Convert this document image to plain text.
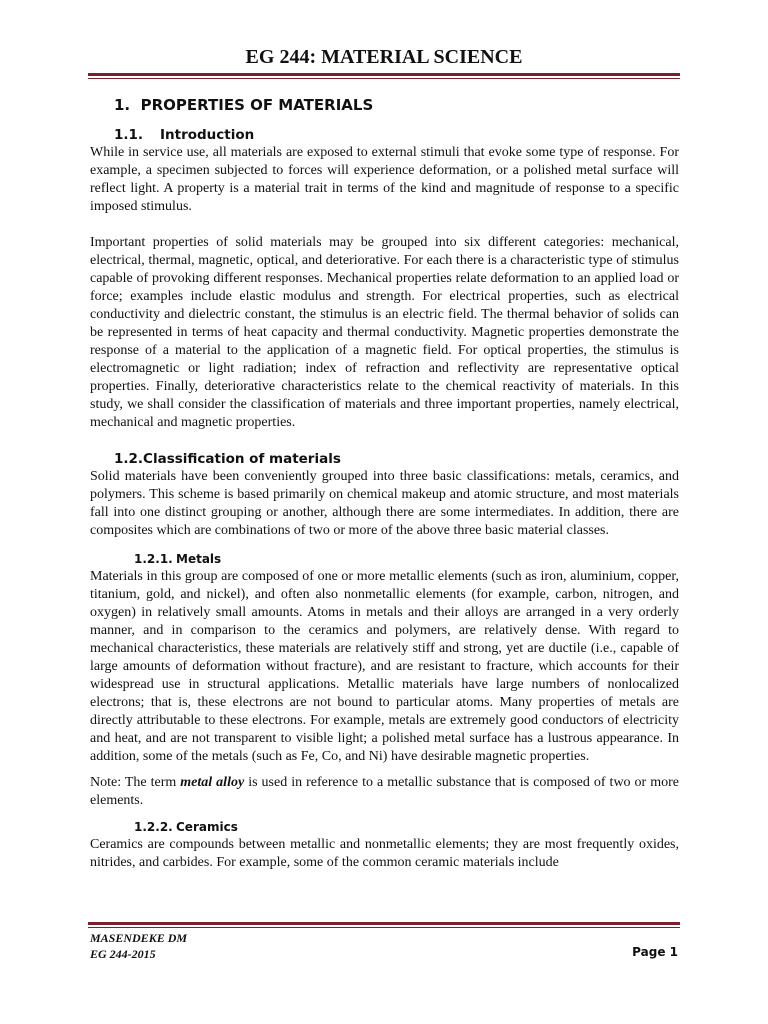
EG 244: MATERIAL SCIENCE
1. PROPERTIES OF MATERIALS
1.1. Introduction

While in service use, all materials are exposed to external stimuli that evoke some type of response. For example, a specimen subjected to forces will experience deformation, or a polished metal surface will reflect light. A property is a material trait in terms of the kind and magnitude of response to a specific imposed stimulus.

Important properties of solid materials may be grouped into six different categories: mechanical, electrical, thermal, magnetic, optical, and deteriorative. For each there is a characteristic type of stimulus capable of provoking different responses. Mechanical properties relate deformation to an applied load or force; examples include elastic modulus and strength. For electrical properties, such as electrical conductivity and dielectric constant, the stimulus is an electric field. The thermal behavior of solids can be represented in terms of heat capacity and thermal conductivity. Magnetic properties demonstrate the response of a material to the application of a magnetic field. For optical properties, the stimulus is electromagnetic or light radiation; index of refraction and reflectivity are representative optical properties. Finally, deteriorative characteristics relate to the chemical reactivity of materials. In this study, we shall consider the classification of materials and three important properties, namely electrical, mechanical and magnetic properties.

1.2.Classification of materials

Solid materials have been conveniently grouped into three basic classifications: metals, ceramics, and polymers. This scheme is based primarily on chemical makeup and atomic structure, and most materials fall into one distinct grouping or another, although there are some intermediates. In addition, there are composites which are combinations of two or more of the above three basic material classes.

1.2.1. Metals

Materials in this group are composed of one or more metallic elements (such as iron, aluminium, copper, titanium, gold, and nickel), and often also nonmetallic elements (for example, carbon, nitrogen, and oxygen) in relatively small amounts. Atoms in metals and their alloys are arranged in a very orderly manner, and in comparison to the ceramics and polymers, are relatively dense. With regard to mechanical characteristics, these materials are relatively stiff and strong, yet are ductile (i.e., capable of large amounts of deformation without fracture), and are resistant to fracture, which accounts for their widespread use in structural applications. Metallic materials have large numbers of nonlocalized electrons; that is, these electrons are not bound to particular atoms. Many properties of metals are directly attributable to these electrons. For example, metals are extremely good conductors of electricity and heat, and are not transparent to visible light; a polished metal surface has a lustrous appearance. In addition, some of the metals (such as Fe, Co, and Ni) have desirable magnetic properties.

Note: The term metal alloy is used in reference to a metallic substance that is composed of two or more elements.

1.2.2. Ceramics

Ceramics are compounds between metallic and nonmetallic elements; they are most frequently oxides, nitrides, and carbides. For example, some of the common ceramic materials include

MASENDEKE DM
EG 244-2015	Page 1
